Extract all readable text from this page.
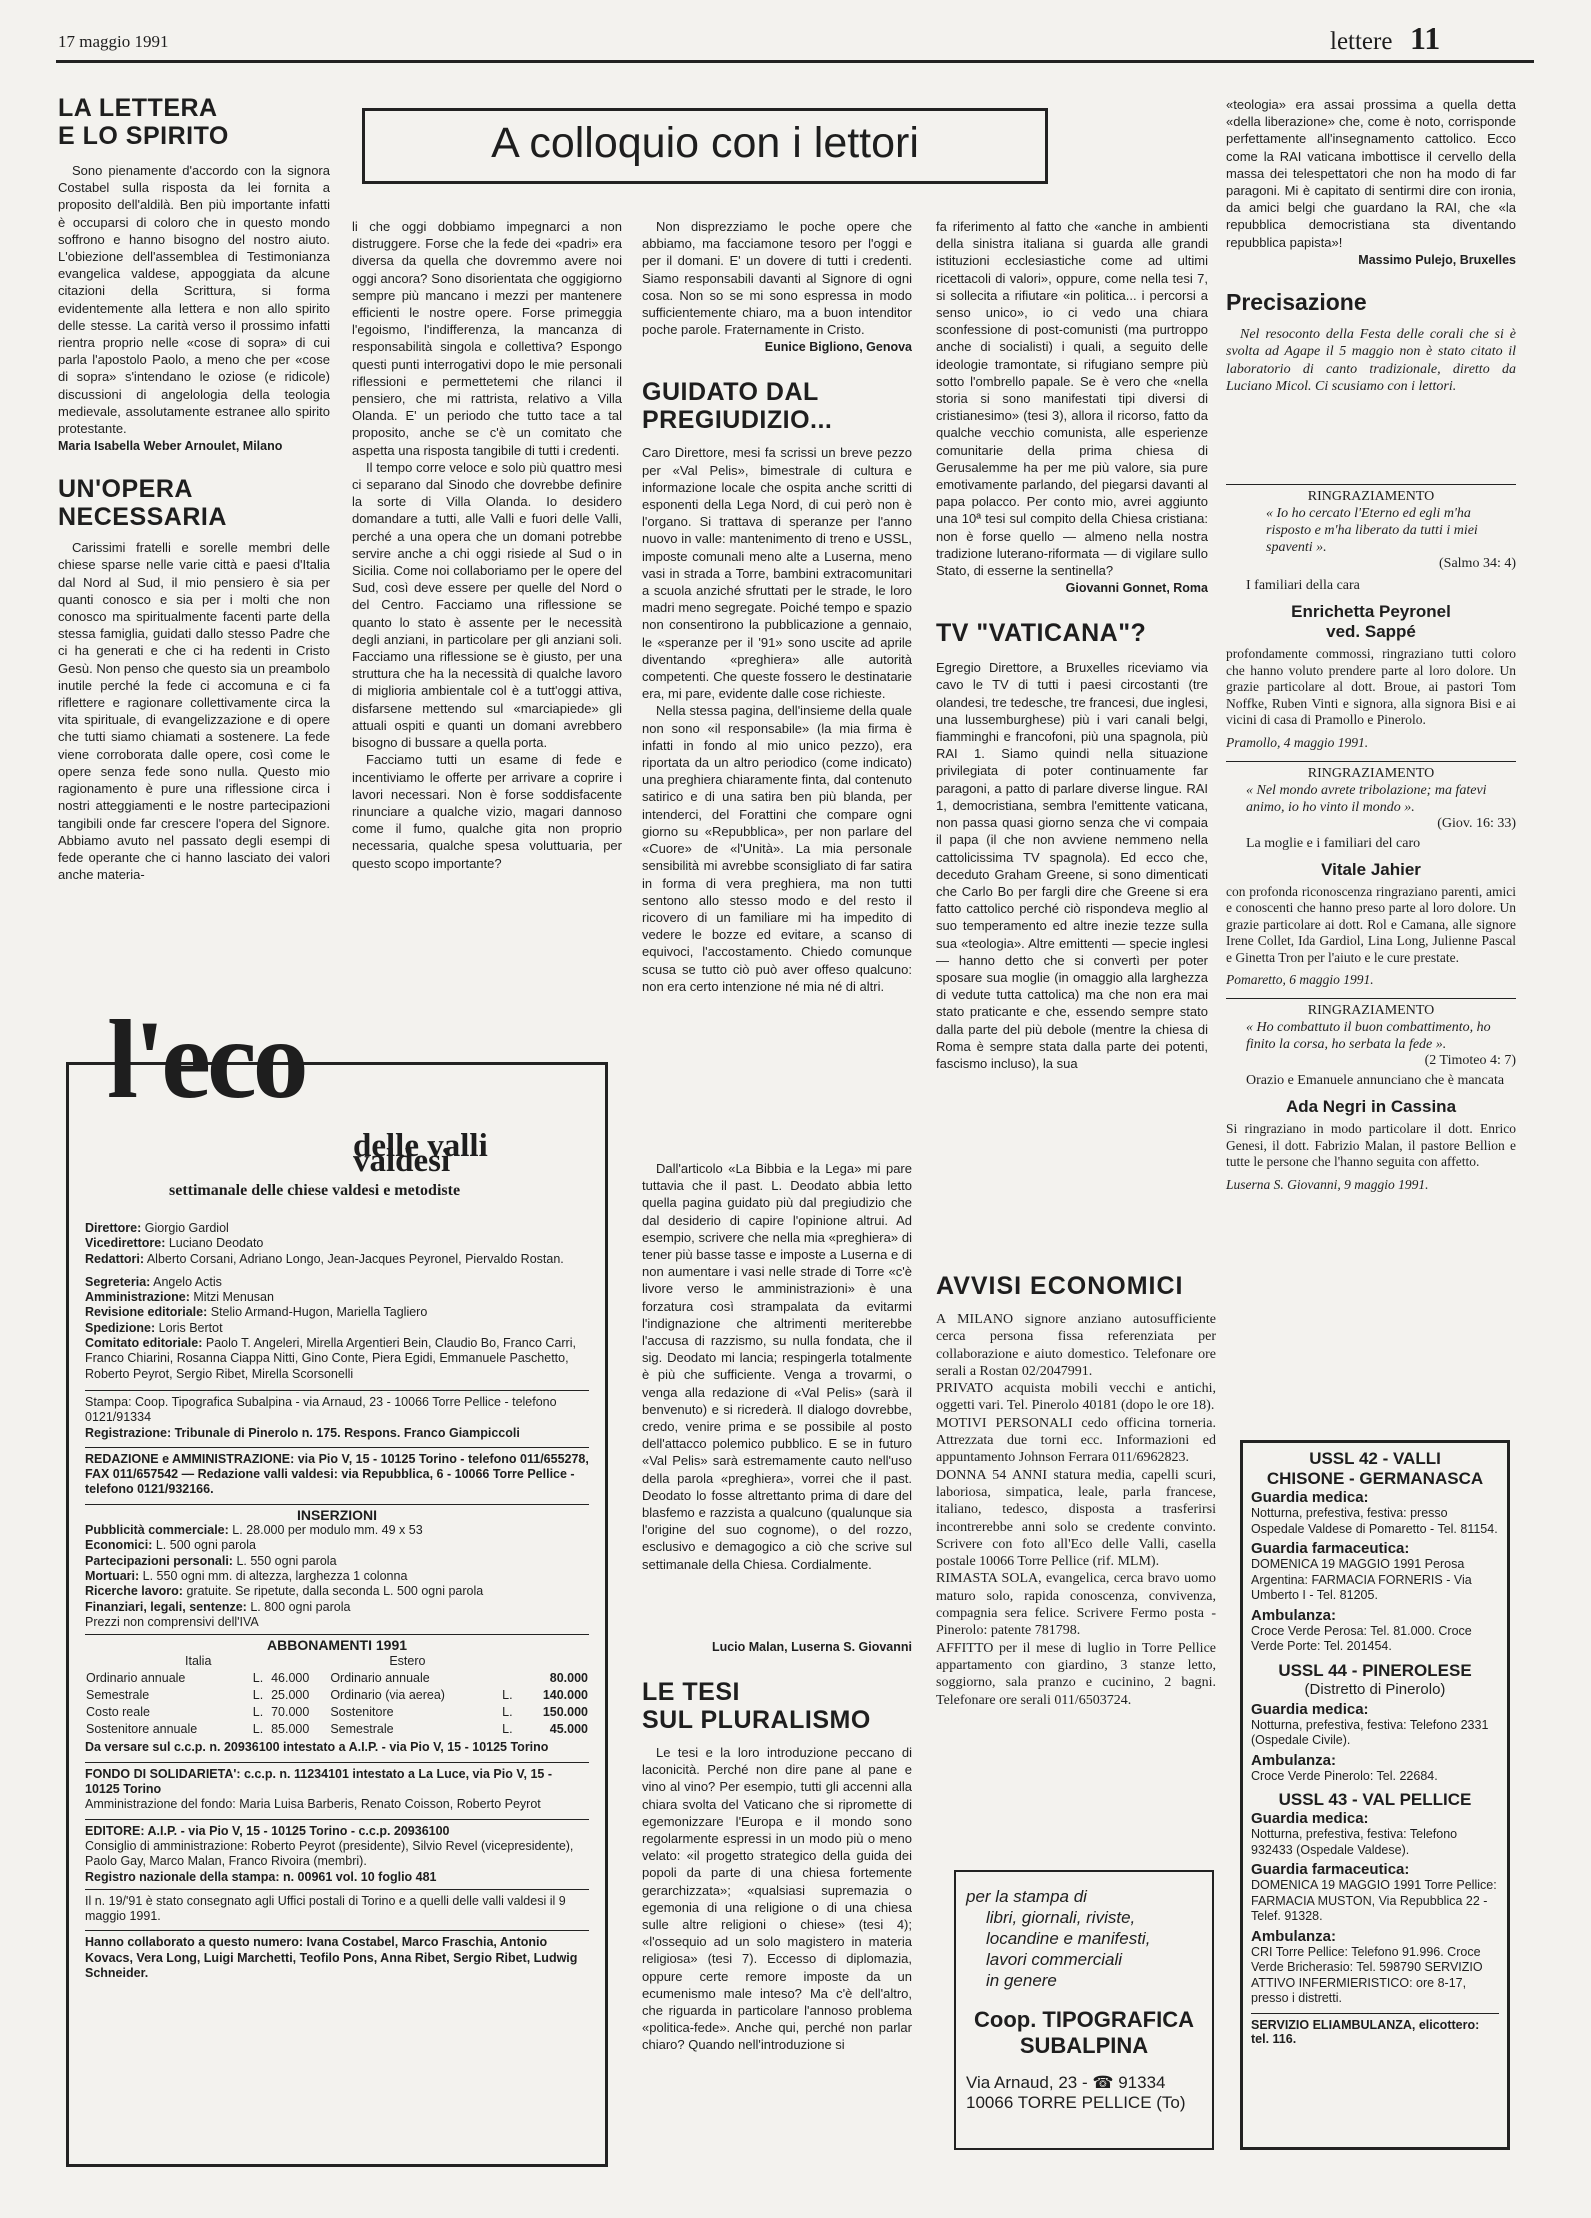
17 maggio 1991	lettere 11
A colloquio con i lettori
LA LETTERA
E LO SPIRITO

Sono pienamente d'accordo con la signora Costabel sulla risposta da lei fornita a proposito dell'aldilà. Ben più importante infatti è occuparsi di coloro che in questo mondo soffrono e hanno bisogno del nostro aiuto. L'obiezione dell'assemblea di Testimonianza evangelica valdese, appoggiata da alcune citazioni della Scrittura, si forma evidentemente alla lettera e non allo spirito delle stesse. La carità verso il prossimo infatti rientra proprio nelle «cose di sopra» di cui parla l'apostolo Paolo, a meno che per «cose di sopra» s'intendano le oziose (e ridicole) discussioni di angelologia della teologia medievale, assolutamente estranee allo spirito protestante.

Maria Isabella Weber Arnoulet, Milano
UN'OPERA
NECESSARIA

Carissimi fratelli e sorelle membri delle chiese sparse nelle varie città e paesi d'Italia dal Nord al Sud, il mio pensiero è sia per quanti conosco e sia per i molti che non conosco ma spiritualmente facenti parte della stessa famiglia, guidati dallo stesso Padre che ci ha generati e che ci ha redenti in Cristo Gesù. Non penso che questo sia un preambolo inutile perché la fede ci accomuna e ci fa riflettere e ragionare collettivamente circa la vita spirituale, di evangelizzazione e di opere che tutti siamo chiamati a sostenere. La fede viene corroborata dalle opere, così come le opere senza fede sono nulla. Questo mio ragionamento è pure una riflessione circa i nostri atteggiamenti e le nostre partecipazioni tangibili onde far crescere l'opera del Signore. Abbiamo avuto nel passato degli esempi di fede operante che ci hanno lasciato dei valori anche materia-

li che oggi dobbiamo impegnarci a non distruggere. Forse che la fede dei «padri» era diversa da quella che dovremmo avere noi oggi ancora? Sono disorientata che oggigiorno sempre più mancano i mezzi per mantenere efficienti le nostre opere. Forse primeggia l'egoismo, l'indifferenza, la mancanza di responsabilità singola e collettiva? Espongo questi punti interrogativi dopo le mie personali riflessioni e permettetemi che rilanci il pensiero, che mi rattrista, relativo a Villa Olanda. E' un periodo che tutto tace a tal proposito, anche se c'è un comitato che aspetta una risposta tangibile di tutti i credenti.

Il tempo corre veloce e solo più quattro mesi ci separano dal Sinodo che dovrebbe definire la sorte di Villa Olanda. Io desidero domandare a tutti, alle Valli e fuori delle Valli, perché a una opera che un domani potrebbe servire anche a chi oggi risiede al Sud o in Sicilia. Come noi collaboriamo per le opere del Sud, così deve essere per quelle del Nord o del Centro. Facciamo una riflessione se quanto lo stato è assente per le necessità degli anziani, in particolare per gli anziani soli. Facciamo una riflessione se è giusto, per una struttura che ha la necessità di qualche lavoro di miglioria ambientale col è a tutt'oggi attiva, disfarsene mettendo sul «marciapiede» gli attuali ospiti e quanti un domani avrebbero bisogno di bussare a quella porta.

Facciamo tutti un esame di fede e incentiviamo le offerte per arrivare a coprire i lavori necessari. Non è forse soddisfacente rinunciare a qualche vizio, magari dannoso come il fumo, qualche gita non proprio necessaria, qualche spesa voluttuaria, per questo scopo importante?

Non disprezziamo le poche opere che abbiamo, ma facciamone tesoro per l'oggi e per il domani. E' un dovere di tutti i credenti. Siamo responsabili davanti al Signore di ogni cosa. Non so se mi sono espressa in modo sufficientemente chiaro, ma a buon intenditor poche parole. Fraternamente in Cristo.

Eunice Bigliono, Genova
GUIDATO DAL
PREGIUDIZIO...

Caro Direttore, mesi fa scrissi un breve pezzo per «Val Pelis», bimestrale di cultura e informazione locale che ospita anche scritti di esponenti della Lega Nord, di cui però non è l'organo. Si trattava di speranze per l'anno nuovo in valle: mantenimento di treno e USSL, imposte comunali meno alte a Luserna, meno vasi in strada a Torre, bambini extracomunitari a scuola anziché sfruttati per le strade, le loro madri meno segregate. Poiché tempo e spazio non consentirono la pubblicazione a gennaio, le «speranze per il '91» sono uscite ad aprile diventando «preghiera» alle autorità competenti. Che queste fossero le destinatarie era, mi pare, evidente dalle cose richieste.

Nella stessa pagina, dell'insieme della quale non sono «il responsabile» (la mia firma è infatti in fondo al mio unico pezzo), era riportata da un altro periodico (come indicato) una preghiera chiaramente finta, dal contenuto satirico e di una satira ben più blanda, per intenderci, del Forattini che compare ogni giorno su «Repubblica», per non parlare del «Cuore» de «l'Unità». La mia personale sensibilità mi avrebbe sconsigliato di far satira in forma di vera preghiera, ma non tutti sentono allo stesso modo e del resto il ricovero di un familiare mi ha impedito di vedere le bozze ed evitare, a scanso di equivoci, l'accostamento. Chiedo comunque scusa se tutto ciò può aver offeso qualcuno: non era certo intenzione né mia né di altri.

fa riferimento al fatto che «anche in ambienti della sinistra italiana si guarda alle grandi istituzioni ecclesiastiche come ad ultimi ricettacoli di valori», oppure, come nella tesi 7, si sollecita a rifiutare «in politica... i percorsi a senso unico», io ci vedo una chiara sconfessione di post-comunisti (ma purtroppo anche di socialisti) i quali, a seguito delle ideologie tramontate, si rifugiano sempre più sotto l'ombrello papale. Se è vero che «nella storia si sono manifestati tipi diversi di cristianesimo» (tesi 3), allora il ricorso, fatto da qualche vecchio comunista, alle esperienze comunitarie della prima chiesa di Gerusalemme ha per me più valore, sia pure emotivamente parlando, del piegarsi davanti al papa polacco. Per conto mio, avrei aggiunto una 10ª tesi sul compito della Chiesa cristiana: non è forse quello — almeno nella nostra tradizione luterano-riformata — di vigilare sullo Stato, di esserne la sentinella?

Giovanni Gonnet, Roma
TV "VATICANA"?

Egregio Direttore, a Bruxelles riceviamo via cavo le TV di tutti i paesi circostanti (tre olandesi, tre tedesche, tre francesi, due inglesi, una lussemburghese) più i vari canali belgi, fiamminghi e francofoni, più una spagnola, più RAI 1. Siamo quindi nella situazione privilegiata di poter continuamente far paragoni, a patto di parlare diverse lingue. RAI 1, democristiana, sembra l'emittente vaticana, non passa quasi giorno senza che vi compaia il papa (il che non avviene nemmeno nella cattolicissima TV spagnola). Ed ecco che, deceduto Graham Greene, si sono dimenticati che Carlo Bo per fargli dire che Greene si era fatto cattolico perché ciò rispondeva meglio al suo temperamento ed altre inezie tezze sulla sua «teologia». Altre emittenti — specie inglesi — hanno detto che si convertì per poter sposare sua moglie (in omaggio alla larghezza di vedute tutta cattolica) ma che non era mai stato praticante e che, essendo sempre stato dalla parte del più debole (mentre la chiesa di Roma è sempre stata dalla parte dei potenti, fascismo incluso), la sua

«teologia» era assai prossima a quella detta «della liberazione» che, come è noto, corrisponde perfettamente all'insegnamento cattolico. Ecco come la RAI vaticana imbottisce il cervello della massa dei telespettatori che non ha modo di far paragoni. Mi è capitato di sentirmi dire con ironia, da amici belgi che guardano la RAI, che «la repubblica democristiana sta diventando repubblica papista»!

Massimo Pulejo, Bruxelles
Precisazione
Nel resoconto della Festa delle corali che si è svolta ad Agape il 5 maggio non è stato citato il laboratorio di canto tradizionale, diretto da Luciano Micol. Ci scusiamo con i lettori.
RINGRAZIAMENTO
« Io ho cercato l'Eterno ed egli m'ha risposto e m'ha liberato da tutti i miei spaventi ».
(Salmo 34: 4)
I familiari della cara
Enrichetta Peyronel
ved. Sappé
profondamente commossi, ringraziano tutti coloro che hanno voluto prendere parte al loro dolore. Un grazie particolare al dott. Broue, ai pastori Tom Noffke, Ruben Vinti e signora, alla signora Bisi e ai vicini di casa di Pramollo e Pinerolo.
Pramollo, 4 maggio 1991.
RINGRAZIAMENTO
« Nel mondo avrete tribolazione; ma fatevi animo, io ho vinto il mondo ».
(Giov. 16: 33)
La moglie e i familiari del caro
Vitale Jahier
con profonda riconoscenza ringraziano parenti, amici e conoscenti che hanno preso parte al loro dolore. Un grazie particolare ai dott. Rol e Camana, alle signore Irene Collet, Ida Gardiol, Lina Long, Julienne Pascal e Ginetta Tron per l'aiuto e le cure prestate.
Pomaretto, 6 maggio 1991.
RINGRAZIAMENTO
« Ho combattuto il buon combattimento, ho finito la corsa, ho serbata la fede ».
(2 Timoteo 4: 7)
Orazio e Emanuele annunciano che è mancata
Ada Negri in Cassina
Si ringraziano in modo particolare il dott. Enrico Genesi, il dott. Fabrizio Malan, il pastore Bellion e tutte le persone che l'hanno seguita con affetto.
Luserna S. Giovanni, 9 maggio 1991.
USSL 42 - VALLI
CHISONE - GERMANASCA
Guardia medica:
Notturna, prefestiva, festiva: presso Ospedale Valdese di Pomaretto - Tel. 81154.
Guardia farmaceutica:
DOMENICA 19 MAGGIO 1991 Perosa Argentina: FARMACIA FORNERIS - Via Umberto I - Tel. 81205.
Ambulanza:
Croce Verde Perosa: Tel. 81.000. Croce Verde Porte: Tel. 201454.
USSL 44 - PINEROLESE
(Distretto di Pinerolo)
Guardia medica:
Notturna, prefestiva, festiva: Telefono 2331 (Ospedale Civile).
Ambulanza:
Croce Verde Pinerolo: Tel. 22684.
USSL 43 - VAL PELLICE
Guardia medica:
Notturna, prefestiva, festiva: Telefono 932433 (Ospedale Valdese).
Guardia farmaceutica:
DOMENICA 19 MAGGIO 1991 Torre Pellice: FARMACIA MUSTON, Via Repubblica 22 - Telef. 91328.
Ambulanza:
CRI Torre Pellice: Telefono 91.996. Croce Verde Bricherasio: Tel. 598790 SERVIZIO ATTIVO INFERMIERISTICO: ore 8-17, presso i distretti.
SERVIZIO ELIAMBULANZA, elicottero: tel. 116.
l'eco
delle valli valdesi
settimanale delle chiese valdesi e metodiste
Direttore: Giorgio Gardiol
Vicedirettore: Luciano Deodato
Redattori: Alberto Corsani, Adriano Longo, Jean-Jacques Peyronel, Piervaldo Rostan.
Segreteria: Angelo Actis
Amministrazione: Mitzi Menusan
Revisione editoriale: Stelio Armand-Hugon, Mariella Tagliero
Spedizione: Loris Bertot
Comitato editoriale: Paolo T. Angeleri, Mirella Argentieri Bein, Claudio Bo, Franco Carri, Franco Chiarini, Rosanna Ciappa Nitti, Gino Conte, Piera Egidi, Emmanuele Paschetto, Roberto Peyrot, Sergio Ribet, Mirella Scorsonelli
Stampa: Coop. Tipografica Subalpina - via Arnaud, 23 - 10066 Torre Pellice - telefono 0121/91334
Registrazione: Tribunale di Pinerolo n. 175. Respons. Franco Giampiccoli
REDAZIONE e AMMINISTRAZIONE: via Pio V, 15 - 10125 Torino - telefono 011/655278, FAX 011/657542 — Redazione valli valdesi: via Repubblica, 6 - 10066 Torre Pellice - telefono 0121/932166.
INSERZIONI
Pubblicità commerciale: L. 28.000 per modulo mm. 49 x 53
Economici: L. 500 ogni parola
Partecipazioni personali: L. 550 ogni parola
Mortuari: L. 550 ogni mm. di altezza, larghezza 1 colonna
Ricerche lavoro: gratuite. Se ripetute, dalla seconda L. 500 ogni parola
Finanziari, legali, sentenze: L. 800 ogni parola
Prezzi non comprensivi dell'IVA
ABBONAMENTI 1991
Italia			Estero		
Ordinario annuale	L.	46.000	Ordinario annuale		80.000
Semestrale	L.	25.000	Ordinario (via aerea)	L.	140.000
Costo reale	L.	70.000	Sostenitore	L.	150.000
Sostenitore annuale	L.	85.000	Semestrale	L.	45.000
Da versare sul c.c.p. n. 20936100 intestato a A.I.P. - via Pio V, 15 - 10125 Torino
FONDO DI SOLIDARIETA': c.c.p. n. 11234101 intestato a La Luce, via Pio V, 15 - 10125 Torino
Amministrazione del fondo: Maria Luisa Barberis, Renato Coisson, Roberto Peyrot
EDITORE: A.I.P. - via Pio V, 15 - 10125 Torino - c.c.p. 20936100
Consiglio di amministrazione: Roberto Peyrot (presidente), Silvio Revel (vicepresidente), Paolo Gay, Marco Malan, Franco Rivoira (membri).
Registro nazionale della stampa: n. 00961 vol. 10 foglio 481
Il n. 19/'91 è stato consegnato agli Uffici postali di Torino e a quelli delle valli valdesi il 9 maggio 1991.
Hanno collaborato a questo numero: Ivana Costabel, Marco Fraschia, Antonio Kovacs, Vera Long, Luigi Marchetti, Teofilo Pons, Anna Ribet, Sergio Ribet, Ludwig Schneider.

Dall'articolo «La Bibbia e la Lega» mi pare tuttavia che il past. L. Deodato abbia letto quella pagina guidato più dal pregiudizio che dal desiderio di capire l'opinione altrui. Ad esempio, scrivere che nella mia «preghiera» di tener più basse tasse e imposte a Luserna e di non aumentare i vasi nelle strade di Torre «c'è livore verso le amministrazioni» è una forzatura così strampalata da evitarmi l'indignazione che altrimenti meriterebbe l'accusa di razzismo, su nulla fondata, che il sig. Deodato mi lancia; respingerla totalmente è più che sufficiente. Venga a trovarmi, o venga alla redazione di «Val Pelis» (sarà il benvenuto) e si ricrederà. Il dialogo dovrebbe, credo, venire prima e se possibile al posto dell'attacco polemico pubblico. E se in futuro «Val Pelis» sarà estremamente cauto nell'uso della parola «preghiera», vorrei che il past. Deodato lo fosse altrettanto prima di dare del blasfemo e razzista a qualcuno (qualunque sia l'origine del suo cognome), o del rozzo, esclusivo e demagogico a ciò che scrive sul settimanale della Chiesa. Cordialmente.

Lucio Malan, Luserna S. Giovanni
LE TESI
SUL PLURALISMO

Le tesi e la loro introduzione peccano di laconicità. Perché non dire pane al pane e vino al vino? Per esempio, tutti gli accenni alla chiara svolta del Vaticano che si ripromette di egemonizzare l'Europa e il mondo sono regolarmente espressi in un modo più o meno velato: «il progetto strategico della guida dei popoli da parte di una chiesa fortemente gerarchizzata»; «qualsiasi supremazia o egemonia di una religione o di una chiesa sulle altre religioni o chiese» (tesi 4); «l'ossequio ad un solo magistero in materia religiosa» (tesi 7). Eccesso di diplomazia, oppure certe remore imposte da un ecumenismo male inteso? Ma c'è dell'altro, che riguarda in particolare l'annoso problema «politica-fede». Anche qui, perché non parlar chiaro? Quando nell'introduzione si

AVVISI ECONOMICI
A MILANO signore anziano autosufficiente cerca persona fissa referenziata per collaborazione e aiuto domestico. Telefonare ore serali a Rostan 02/2047991.
PRIVATO acquista mobili vecchi e antichi, oggetti vari. Tel. Pinerolo 40181 (dopo le ore 18).
MOTIVI PERSONALI cedo officina torneria. Attrezzata due torni ecc. Informazioni ed appuntamento Johnson Ferrara 011/6962823.
DONNA 54 ANNI statura media, capelli scuri, laboriosa, simpatica, leale, parla francese, italiano, tedesco, disposta a trasferirsi incontrerebbe anni solo se credente convinto. Scrivere con foto all'Eco delle Valli, casella postale 10066 Torre Pellice (rif. MLM).
RIMASTA SOLA, evangelica, cerca bravo uomo maturo solo, rapida conoscenza, convivenza, compagnia sera felice. Scrivere Fermo posta - Pinerolo: patente 781798.
AFFITTO per il mese di luglio in Torre Pellice appartamento con giardino, 3 stanze letto, soggiorno, sala pranzo e cucinino, 2 bagni. Telefonare ore serali 011/6503724.
per la stampa di
libri, giornali, riviste,
locandine e manifesti,
lavori commerciali
in genere
Coop. TIPOGRAFICA
SUBALPINA
Via Arnaud, 23 - ☎ 91334
10066 TORRE PELLICE (To)
